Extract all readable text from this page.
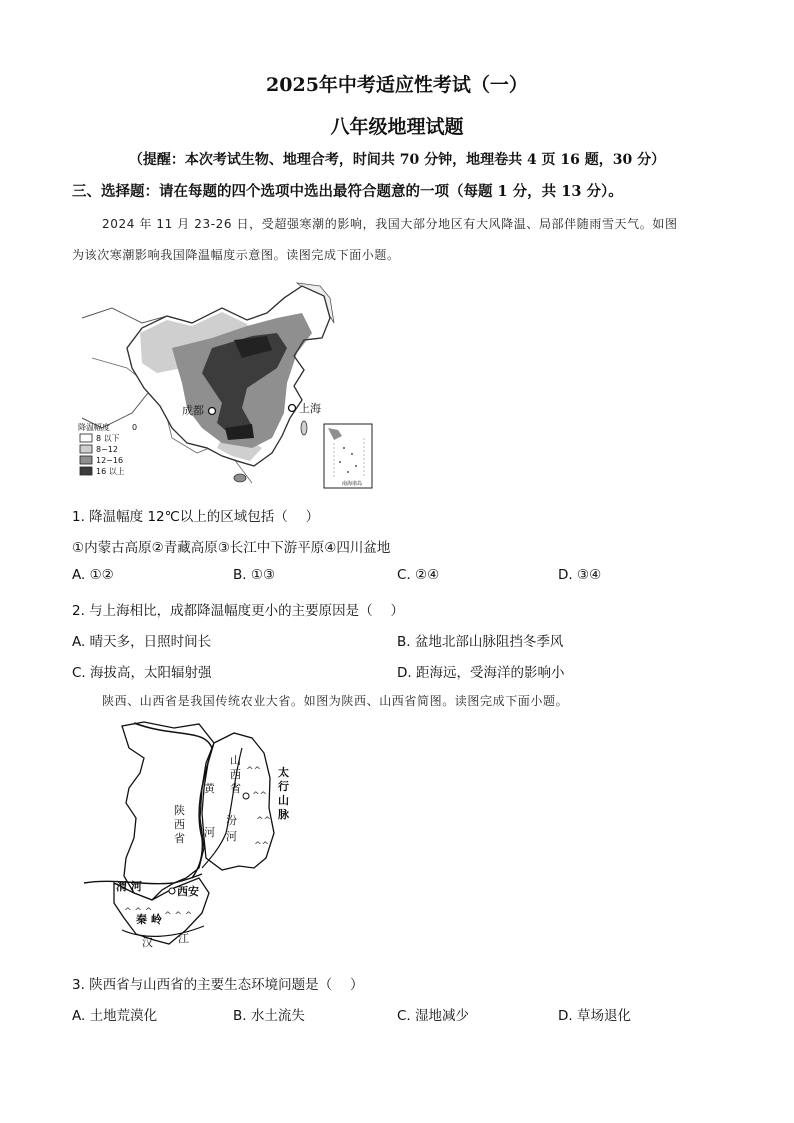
2025年中考适应性考试（一）
八年级地理试题
（提醒：本次考试生物、地理合考，时间共 70 分钟，地理卷共 4 页 16 题，30 分）
三、选择题：请在每题的四个选项中选出最符合题意的一项（每题 1 分，共 13 分）。
2024 年 11 月 23-26 日，受超强寒潮的影响，我国大部分地区有大风降温、局部伴随雨雪天气。如图
为该次寒潮影响我国降温幅度示意图。读图完成下面小题。
成都	上海
降温幅度	0
8 以下
8−12
12−16
16 以上
南海诸岛
1. 降温幅度 12℃以上的区域包括（　 ）
①内蒙古高原②青藏高原③长江中下游平原④四川盆地
A. ①②	B. ①③	C. ②④	D. ③④
2. 与上海相比，成都降温幅度更小的主要原因是（　 ）
A. 晴天多，日照时间长	B. 盆地北部山脉阻挡冬季风
C. 海拔高，太阳辐射强	D. 距海远，受海洋的影响小
陕西、山西省是我国传统农业大省。如图为陕西、山西省简图。读图完成下面小题。
^^
^^
^^
^^
^ ^ ^ ^ ^ ^
山
西
省
太
行
山
脉
黄
河
汾
河
陕
西
省
渭 河	西安
秦 岭
汉 江
3. 陕西省与山西省的主要生态环境问题是（　 ）
A. 土地荒漠化	B. 水土流失	C. 湿地减少	D. 草场退化
